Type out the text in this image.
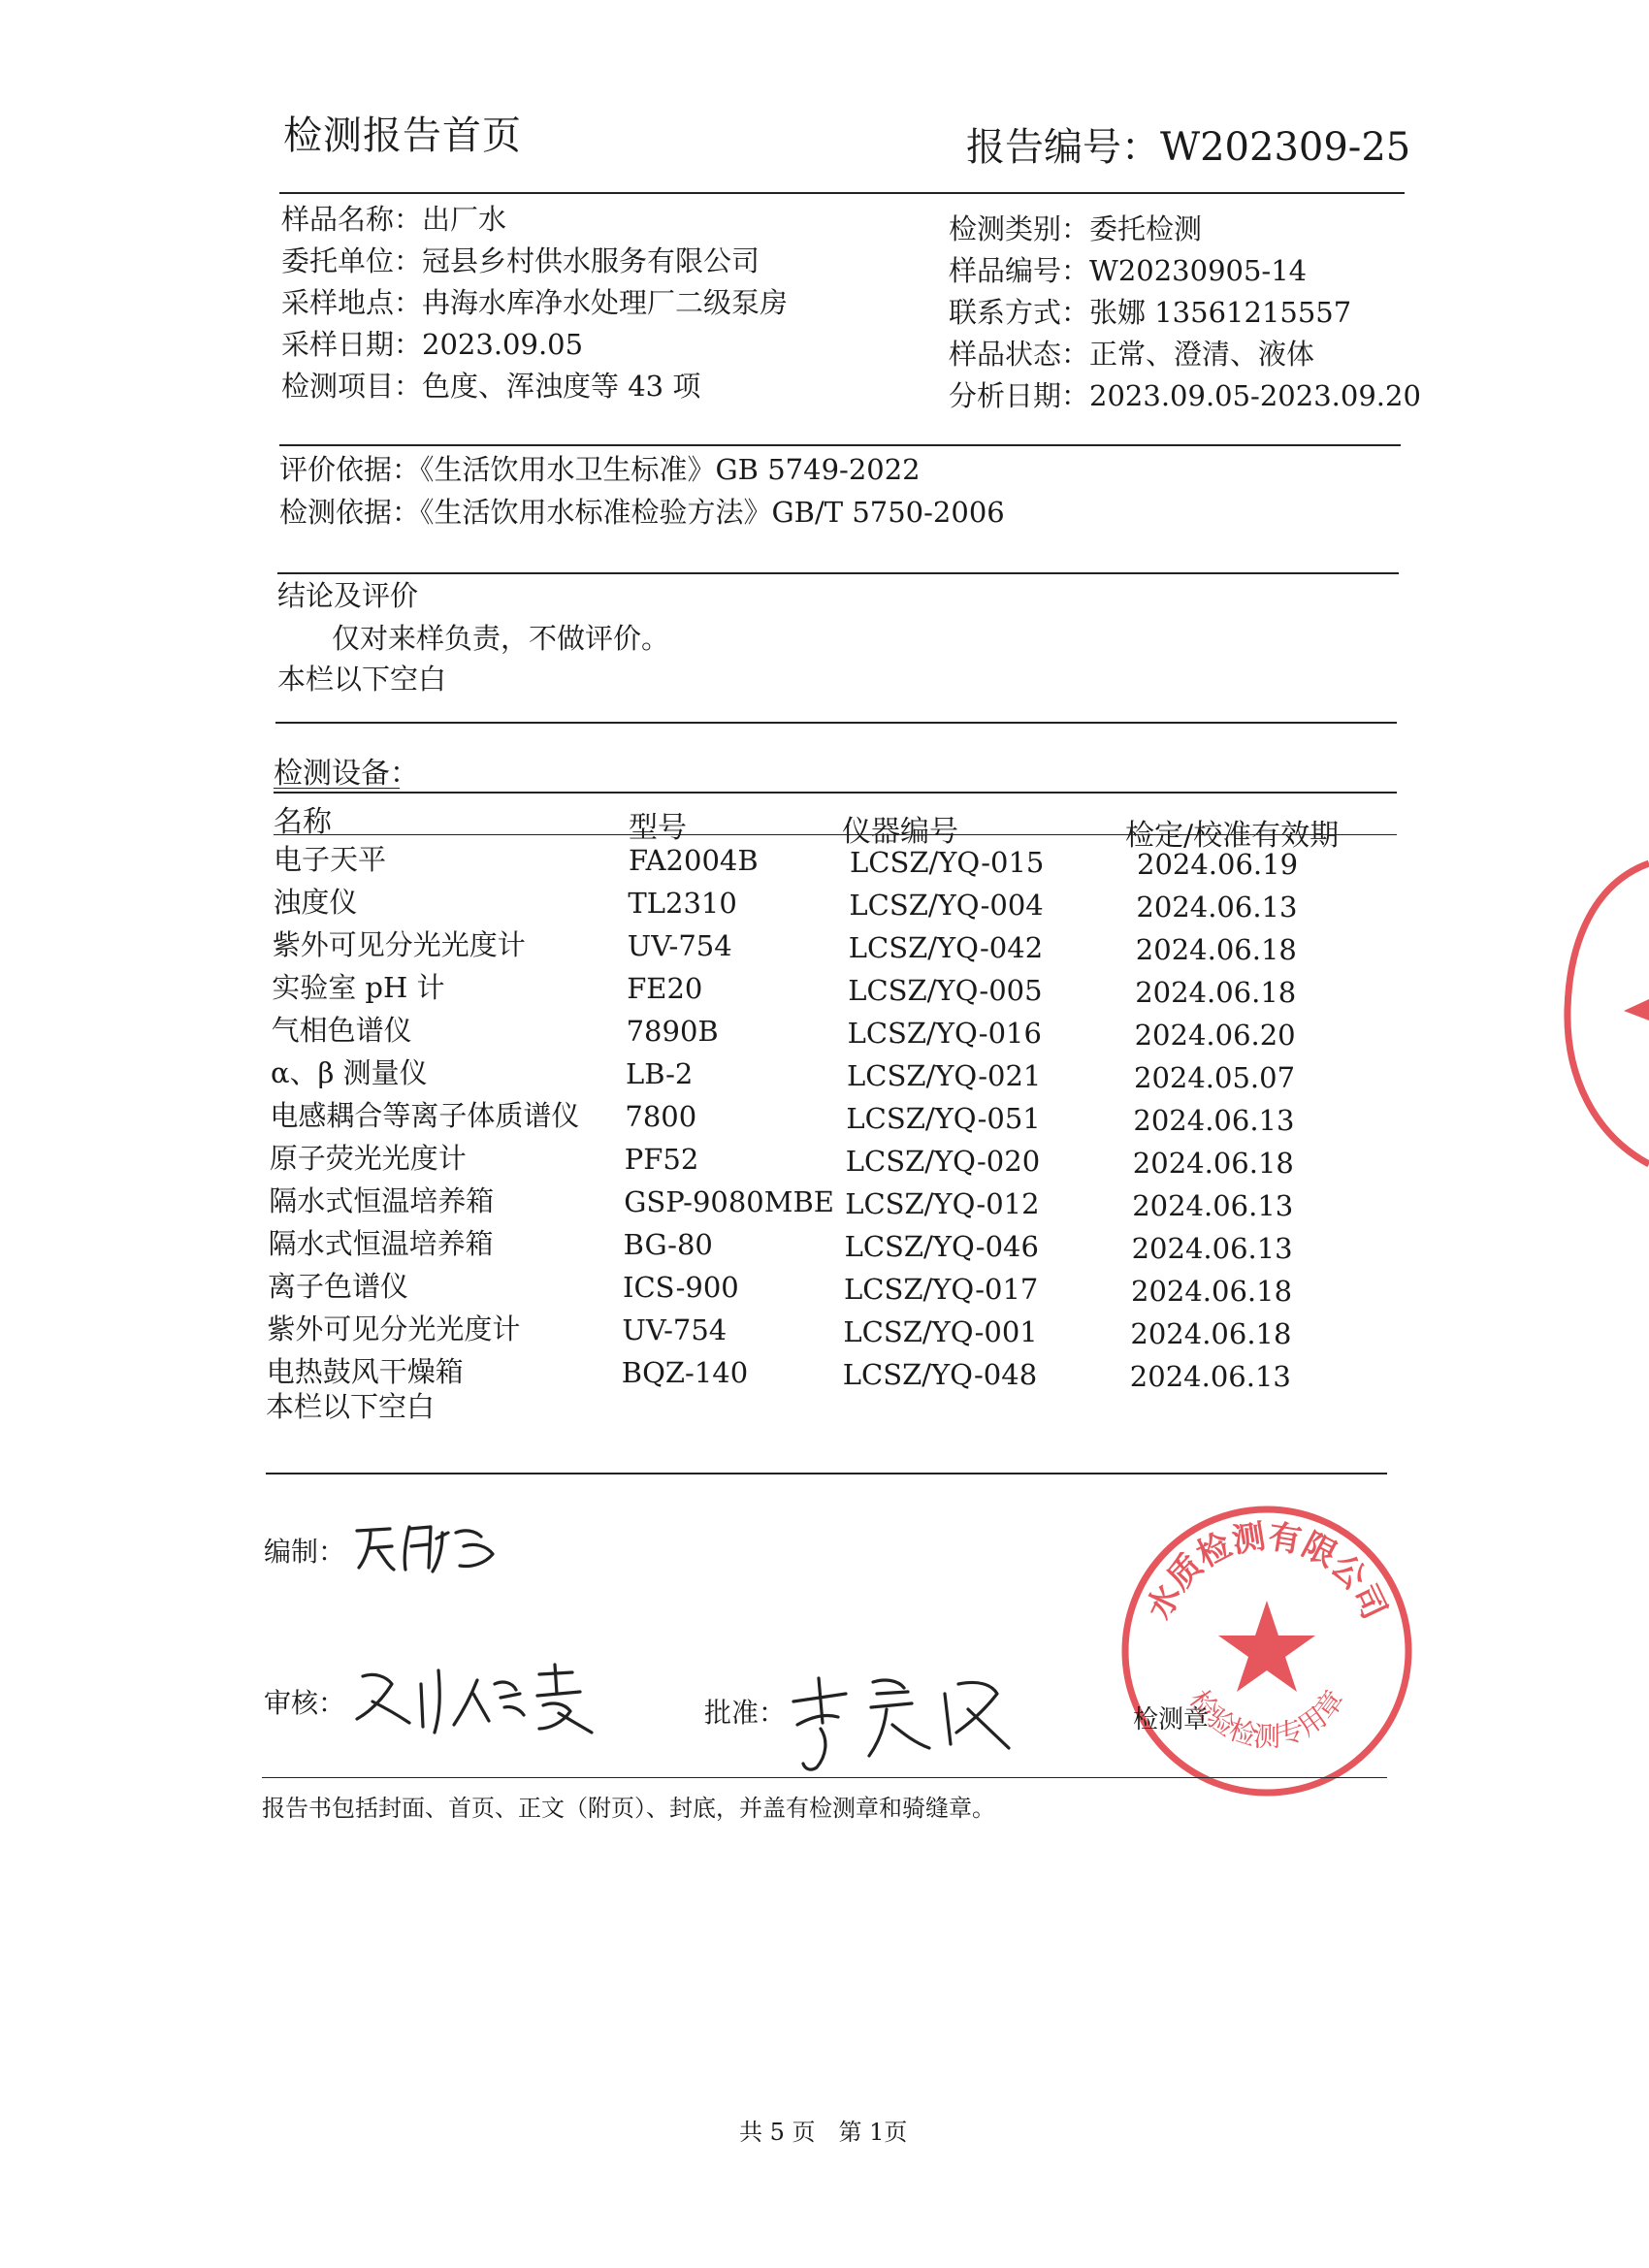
检测报告首页	报告编号：W202309-25
样品名称：出厂水
委托单位：冠县乡村供水服务有限公司
采样地点：冉海水库净水处理厂二级泵房
采样日期：2023.09.05
检测项目：色度、浑浊度等 43 项
检测类别：委托检测
样品编号：W20230905-14
联系方式：张娜 13561215557
样品状态：正常、澄清、液体
分析日期：2023.09.05-2023.09.20
评价依据：《生活饮用水卫生标准》GB 5749-2022
检测依据：《生活饮用水标准检验方法》GB/T 5750-2006
结论及评价
仅对来样负责，不做评价。
本栏以下空白
检测设备：
名称	型号	仪器编号	检定/校准有效期
电子天平	FA2004B	LCSZ/YQ-015	2024.06.19
浊度仪	TL2310	LCSZ/YQ-004	2024.06.13
紫外可见分光光度计	UV-754	LCSZ/YQ-042	2024.06.18
实验室 pH 计	FE20	LCSZ/YQ-005	2024.06.18
气相色谱仪	7890B	LCSZ/YQ-016	2024.06.20
α、β 测量仪	LB-2	LCSZ/YQ-021	2024.05.07
电感耦合等离子体质谱仪 7800	LCSZ/YQ-051	2024.06.13
原子荧光光度计	PF52	LCSZ/YQ-020	2024.06.18
隔水式恒温培养箱	GSP-9080MBE LCSZ/YQ-012	2024.06.13
隔水式恒温培养箱	BG-80	LCSZ/YQ-046	2024.06.13
离子色谱仪	ICS-900	LCSZ/YQ-017	2024.06.18
紫外可见分光光度计	UV-754	LCSZ/YQ-001	2024.06.18
电热鼓风干燥箱	BQZ-140	LCSZ/YQ-048	2024.06.13
本栏以下空白
编制：
审核：	批准：
水质检测有限公司
检验检测专用章
检测章
报告书包括封面、首页、正文（附页）、封底，并盖有检测章和骑缝章。
共 5 页　第 1页
